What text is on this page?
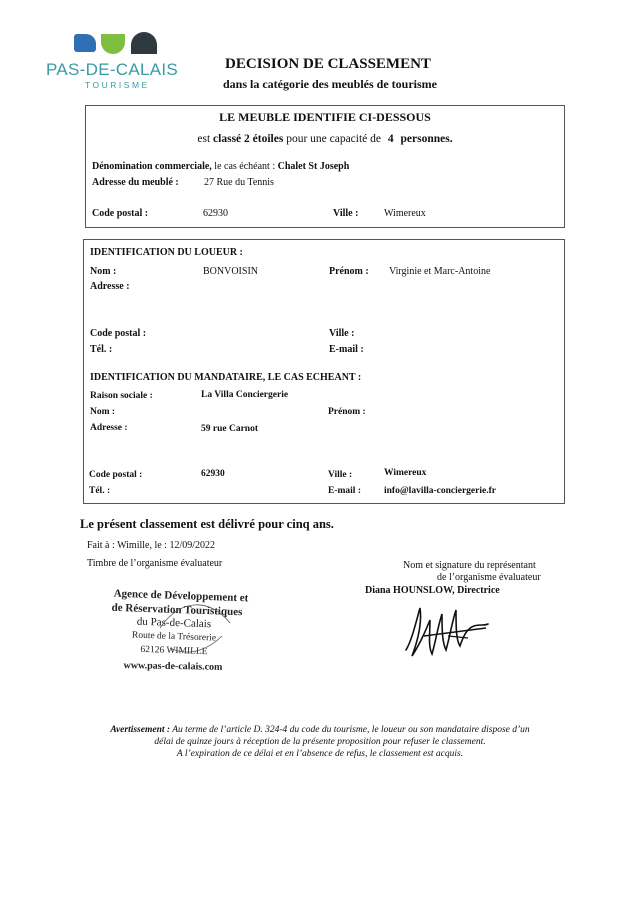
PAS-DE-CALAIS
TOURISME
DECISION DE CLASSEMENT
dans la catégorie des meublés de tourisme
LE MEUBLE IDENTIFIE CI-DESSOUS
est classé 2 étoiles pour une capacité de 4 personnes.
Dénomination commerciale, le cas échéant : Chalet St Joseph
Adresse du meublé :	27 Rue du Tennis
Code postal :	62930	Ville :	Wimereux
IDENTIFICATION DU LOUEUR :
Nom :	BONVOISIN	Prénom : Virginie et Marc-Antoine
Adresse :
Code postal :	Ville :
Tél. :	E-mail :
IDENTIFICATION DU MANDATAIRE, LE CAS ECHEANT :
Raison sociale :	La Villa Conciergerie
Nom :	Prénom :
Adresse :	59 rue Carnot
Code postal :	62930	Ville :	Wimereux
Tél. :	E-mail : info@lavilla-conciergerie.fr
Le présent classement est délivré pour cinq ans.
Fait à : Wimille, le : 12/09/2022
Timbre de l’organisme évaluateur	Nom et signature du représentant
de l’organisme évaluateur
Diana HOUNSLOW, Directrice
Agence de Développement et
de Réservation Touristiques
du Pas-de-Calais
Route de la Trésorerie
62126 WIMILLE
www.pas-de-calais.com
Avertissement : Au terme de l’article D. 324-4 du code du tourisme, le loueur ou son mandataire dispose d’un
délai de quinze jours à réception de la présente proposition pour refuser le classement.
A l’expiration de ce délai et en l’absence de refus, le classement est acquis.
